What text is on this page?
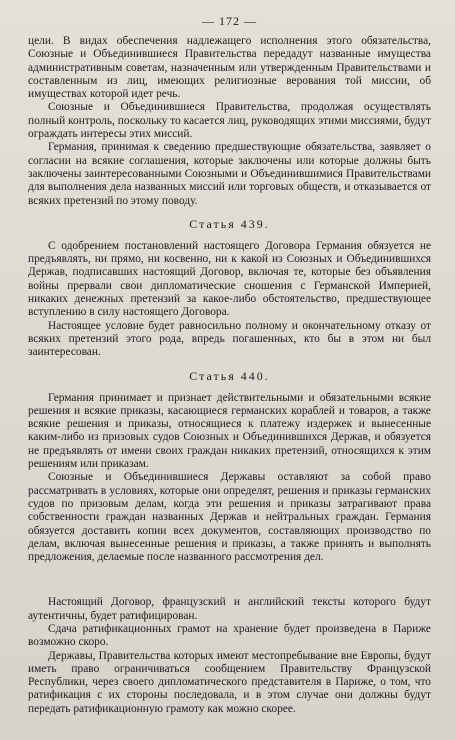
— 172 —

цели. В видах обеспечения надлежащего исполнения этого обязательства, Союзные и Объединившиеся Правительства передадут названные имущества административным советам, назначенным или утвержденным Правительствами и составленным из лиц, имеющих религиозные верования той миссии, об имуществах которой идет речь.

Союзные и Объединившиеся Правительства, продолжая осуществлять полный контроль, поскольку то касается лиц, руководящих этими миссиями, будут ограждать интересы этих миссий.

Германия, принимая к сведению предшествующие обязательства, заявляет о согласии на всякие соглашения, которые заключены или которые должны быть заключены заинтересованными Союзными и Объединившимися Правительствами для выполнения дела названных миссий или торговых обществ, и отказывается от всяких претензий по этому поводу.

Статья 439.

С одобрением постановлений настоящего Договора Германия обязуется не предъявлять, ни прямо, ни косвенно, ни к какой из Союзных и Объединившихся Держав, подписавших настоящий Договор, включая те, которые без объявления войны прервали свои дипломатические сношения с Германской Империей, никаких денежных претензий за какое-либо обстоятельство, предшествующее вступлению в силу настоящего Договора.

Настоящее условие будет равносильно полному и окончательному отказу от всяких претензий этого рода, впредь погашенных, кто бы в этом ни был заинтересован.

Статья 440.

Германия принимает и признает действительными и обязательными всякие решения и всякие приказы, касающиеся германских кораблей и товаров, а также всякие решения и приказы, относящиеся к платежу издержек и вынесенные каким-либо из призовых судов Союзных и Объединившихся Держав, и обязуется не предъявлять от имени своих граждан никаких претензий, относящихся к этим решениям или приказам.

Союзные и Объединившиеся Державы оставляют за собой право рассматривать в условиях, которые они определят, решения и приказы германских судов по призовым делам, когда эти решения и приказы затрагивают права собственности граждан названных Держав и нейтральных граждан. Германия обязуется доставить копии всех документов, составляющих производство по делам, включая вынесенные решения и приказы, а также принять и выполнять предложения, делаемые после названного рассмотрения дел.

Настоящий Договор, французский и английский тексты которого будут аутентичны, будет ратифицирован.

Сдача ратификационных грамот на хранение будет произведена в Париже возможно скоро.

Державы, Правительства которых имеют местопребывание вне Европы, будут иметь право ограничиваться сообщением Правительству Французской Республики, через своего дипломатического представителя в Париже, о том, что ратификация с их стороны последовала, и в этом случае они должны будут передать ратификационную грамоту как можно скорее.
